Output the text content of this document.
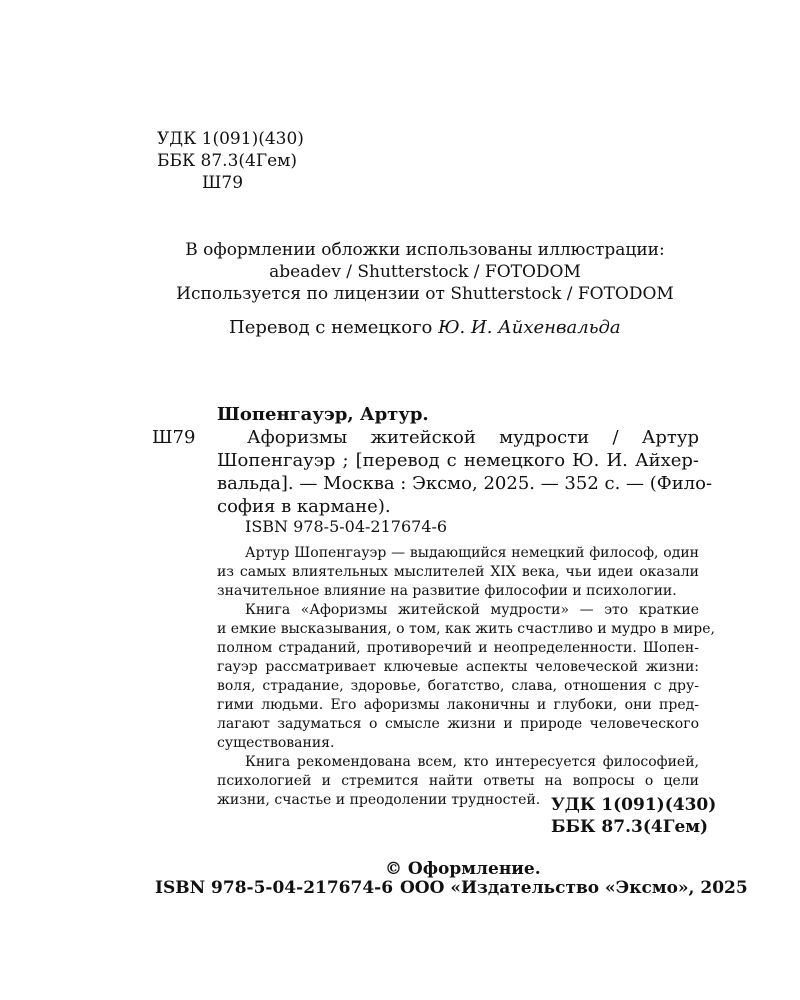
УДК 1(091)(430)
ББК 87.3(4Гем)
Ш79
В оформлении обложки использованы иллюстрации:
abeadev / Shutterstock / FOTODOM
Используется по лицензии от Shutterstock / FOTODOM
Перевод с немецкого Ю. И. Айхенвальда
Шопенгауэр, Артур.
Ш79	Афоризмы житейской мудрости / Артур
Шопенгауэр ; [перевод с немецкого Ю. И. Айхер-
вальда]. — Москва : Эксмо, 2025. — 352 с. — (Фило-
софия в кармане).
ISBN 978-5-04-217674-6
Артур Шопенгауэр — выдающийся немецкий философ, один
из самых влиятельных мыслителей XIX века, чьи идеи оказали
значительное влияние на развитие философии и психологии.
Книга «Афоризмы житейской мудрости» — это краткие
и емкие высказывания, о том, как жить счастливо и мудро в мире,
полном страданий, противоречий и неопределенности. Шопен-
гауэр рассматривает ключевые аспекты человеческой жизни:
воля, страдание, здоровье, богатство, слава, отношения с дру-
гими людьми. Его афоризмы лаконичны и глубоки, они пред-
лагают задуматься о смысле жизни и природе человеческого
существования.
Книга рекомендована всем, кто интересуется философией,
психологией и стремится найти ответы на вопросы о цели
жизни, счастье и преодолении трудностей. УДК 1(091)(430)
ББК 87.3(4Гем)
© Оформление.
ISBN 978-5-04-217674-6 ООО «Издательство «Эксмо», 2025
